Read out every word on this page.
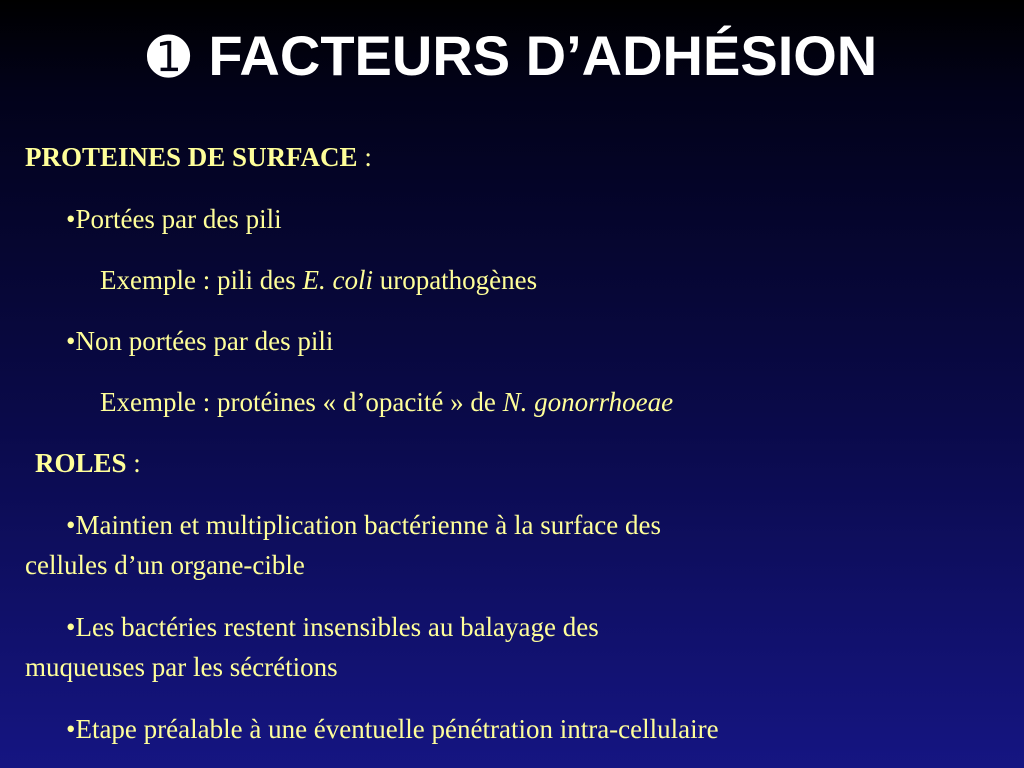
➊ FACTEURS D’ADHÉSION
PROTEINES DE SURFACE :
•Portées par des pili
Exemple : pili des E. coli uropathogènes
•Non portées par des pili
Exemple : protéines « d’opacité » de N. gonorrhoeae
ROLES :
•Maintien et multiplication bactérienne à la surface des
cellules d’un organe-cible
•Les bactéries restent insensibles au balayage des
muqueuses par les sécrétions
•Etape préalable à une éventuelle pénétration intra-cellulaire
